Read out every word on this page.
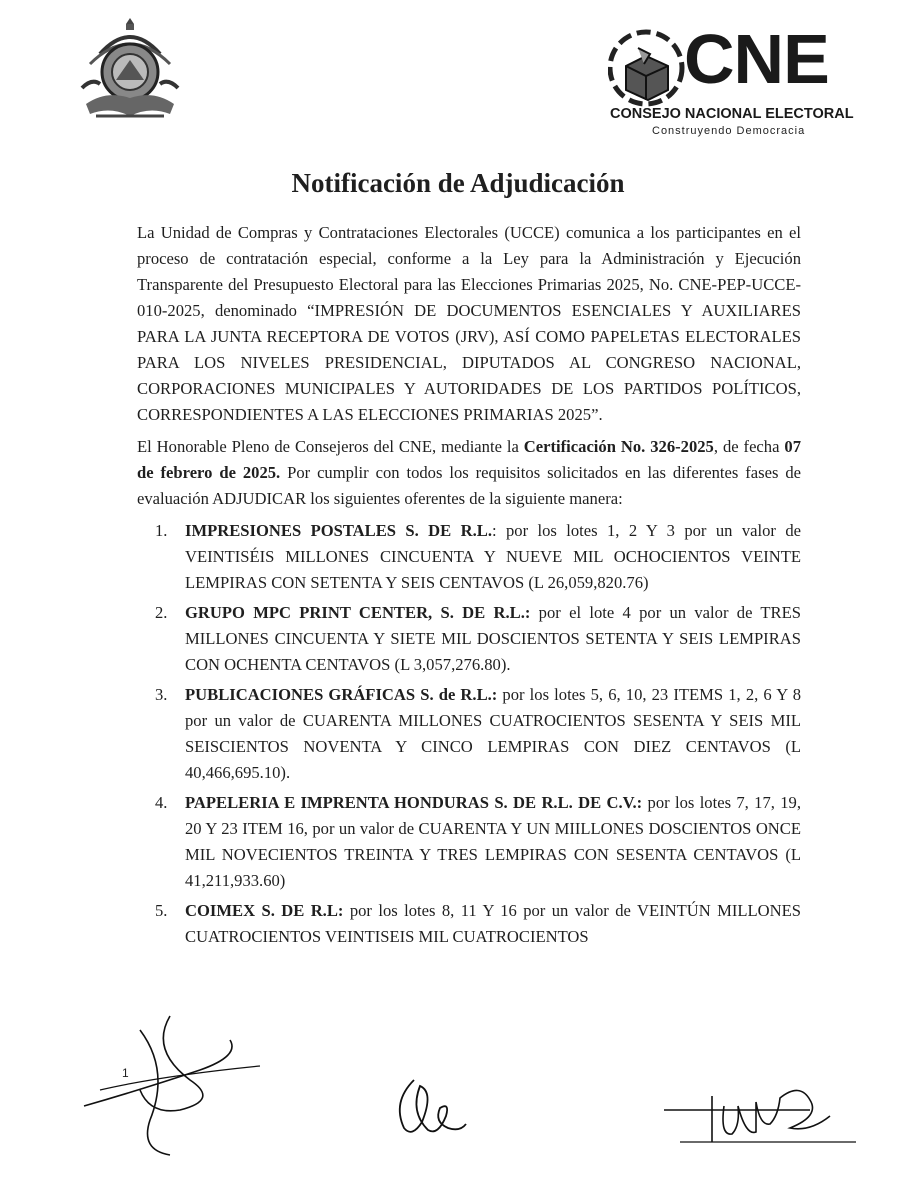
CNE
CONSEJO NACIONAL ELECTORAL
Construyendo Democracia
Notificación de Adjudicación

La Unidad de Compras y Contrataciones Electorales (UCCE) comunica a los participantes en el proceso de contratación especial, conforme a la Ley para la Administración y Ejecución Transparente del Presupuesto Electoral para las Elecciones Primarias 2025, No. CNE-PEP-UCCE-010-2025, denominado “IMPRESIÓN DE DOCUMENTOS ESENCIALES Y AUXILIARES PARA LA JUNTA RECEPTORA DE VOTOS (JRV), ASÍ COMO PAPELETAS ELECTORALES PARA LOS NIVELES PRESIDENCIAL, DIPUTADOS AL CONGRESO NACIONAL, CORPORACIONES MUNICIPALES Y AUTORIDADES DE LOS PARTIDOS POLÍTICOS, CORRESPONDIENTES A LAS ELECCIONES PRIMARIAS 2025”.

El Honorable Pleno de Consejeros del CNE, mediante la Certificación No. 326-2025, de fecha 07 de febrero de 2025. Por cumplir con todos los requisitos solicitados en las diferentes fases de evaluación ADJUDICAR los siguientes oferentes de la siguiente manera:

1. IMPRESIONES POSTALES S. DE R.L.: por los lotes 1, 2 Y 3 por un valor de VEINTISÉIS MILLONES CINCUENTA Y NUEVE MIL OCHOCIENTOS VEINTE LEMPIRAS CON SETENTA Y SEIS CENTAVOS (L 26,059,820.76)
2. GRUPO MPC PRINT CENTER, S. DE R.L.: por el lote 4 por un valor de TRES MILLONES CINCUENTA Y SIETE MIL DOSCIENTOS SETENTA Y SEIS LEMPIRAS CON OCHENTA CENTAVOS (L 3,057,276.80).
3. PUBLICACIONES GRÁFICAS S. de R.L.: por los lotes 5, 6, 10, 23 ITEMS 1, 2, 6 Y 8 por un valor de CUARENTA MILLONES CUATROCIENTOS SESENTA Y SEIS MIL SEISCIENTOS NOVENTA Y CINCO LEMPIRAS CON DIEZ CENTAVOS (L 40,466,695.10).
4. PAPELERIA E IMPRENTA HONDURAS S. DE R.L. DE C.V.: por los lotes 7, 17, 19, 20 Y 23 ITEM 16, por un valor de CUARENTA Y UN MIILLONES DOSCIENTOS ONCE MIL NOVECIENTOS TREINTA Y TRES LEMPIRAS CON SESENTA CENTAVOS (L 41,211,933.60)
5. COIMEX S. DE R.L: por los lotes 8, 11 Y 16 por un valor de VEINTÚN MILLONES CUATROCIENTOS VEINTISEIS MIL CUATROCIENTOS
1
